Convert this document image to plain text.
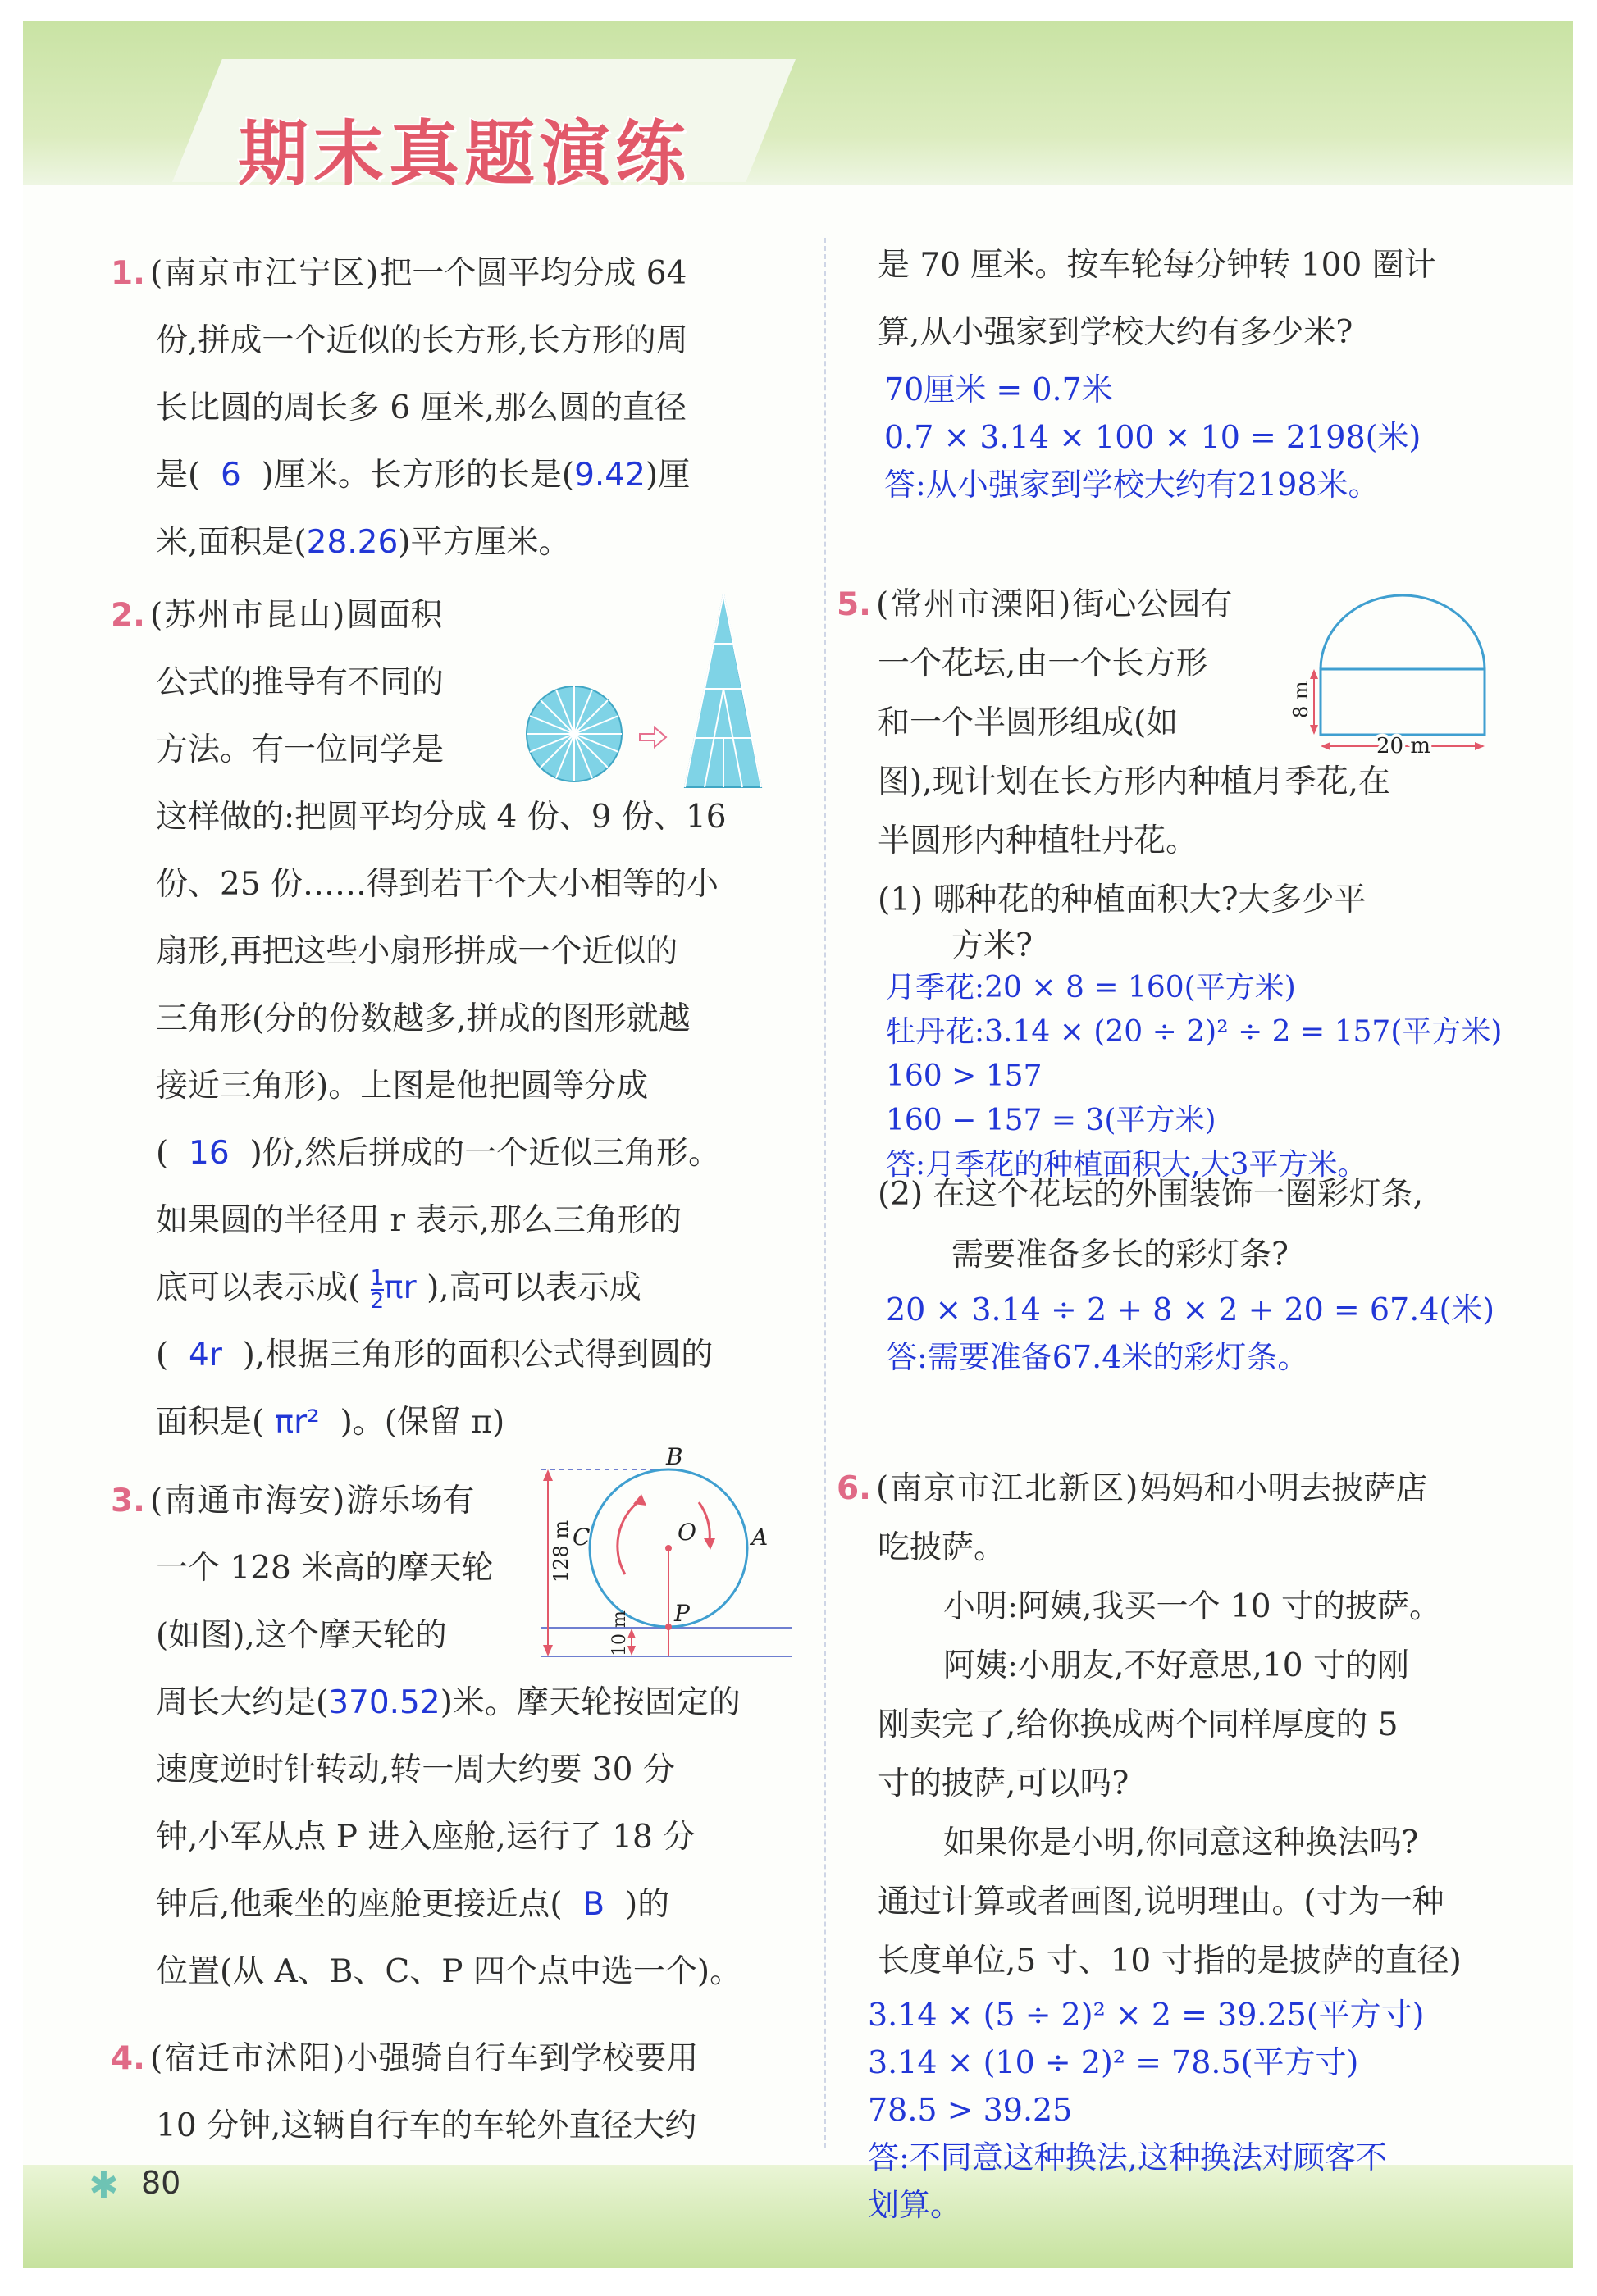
期末真题演练
1. (南京市江宁区)把一个圆平均分成 64
份,拼成一个近似的长方形,长方形的周
长比圆的周长多 6 厘米,那么圆的直径
是( 6 )厘米。长方形的长是(9.42)厘
米,面积是(28.26)平方厘米。
2. (苏州市昆山)圆面积
公式的推导有不同的
方法。有一位同学是
这样做的:把圆平均分成 4 份、9 份、16
份、25 份……得到若干个大小相等的小
扇形,再把这些小扇形拼成一个近似的
三角形(分的份数越多,拼成的图形就越
接近三角形)。上图是他把圆等分成
( 16 )份,然后拼成的一个近似三角形。
如果圆的半径用 r 表示,那么三角形的
底可以表示成( $\frac{1}{2}$ πr ),高可以表示成
( 4r ),根据三角形的面积公式得到圆的
面积是( πr² )。(保留 π)
3. (南通市海安)游乐场有
一个 128 米高的摩天轮
(如图),这个摩天轮的
周长大约是(370.52)米。摩天轮按固定的
速度逆时针转动,转一周大约要 30 分
钟,小军从点 P 进入座舱,运行了 18 分
钟后,他乘坐的座舱更接近点( B )的
位置(从 A、B、C、P 四个点中选一个)。
B
C	O A
P
128 m
10 m
4. (宿迁市沭阳)小强骑自行车到学校要用
10 分钟,这辆自行车的车轮外直径大约
✱ 80
是 70 厘米。按车轮每分钟转 100 圈计
算,从小强家到学校大约有多少米?
70厘米 = 0.7米
0.7 × 3.14 × 100 × 10 = 2198(米)
答:从小强家到学校大约有2198米。
5. (常州市溧阳)街心公园有
一个花坛,由一个长方形
和一个半圆形组成(如
图),现计划在长方形内种植月季花,在
半圆形内种植牡丹花。
(1) 哪种花的种植面积大?大多少平
方米?
8 m
20 m
月季花:20 × 8 = 160(平方米)
牡丹花:3.14 × (20 ÷ 2)² ÷ 2 = 157(平方米)
160 > 157
160 − 157 = 3(平方米)
答:月季花的种植面积大,大3平方米。
(2) 在这个花坛的外围装饰一圈彩灯条,
需要准备多长的彩灯条?
20 × 3.14 ÷ 2 + 8 × 2 + 20 = 67.4(米)
答:需要准备67.4米的彩灯条。
6. (南京市江北新区)妈妈和小明去披萨店
吃披萨。
小明:阿姨,我买一个 10 寸的披萨。
阿姨:小朋友,不好意思,10 寸的刚
刚卖完了,给你换成两个同样厚度的 5
寸的披萨,可以吗?
如果你是小明,你同意这种换法吗?
通过计算或者画图,说明理由。(寸为一种
长度单位,5 寸、10 寸指的是披萨的直径)
3.14 × (5 ÷ 2)² × 2 = 39.25(平方寸)
3.14 × (10 ÷ 2)² = 78.5(平方寸)
78.5 > 39.25
答:不同意这种换法,这种换法对顾客不
划算。
